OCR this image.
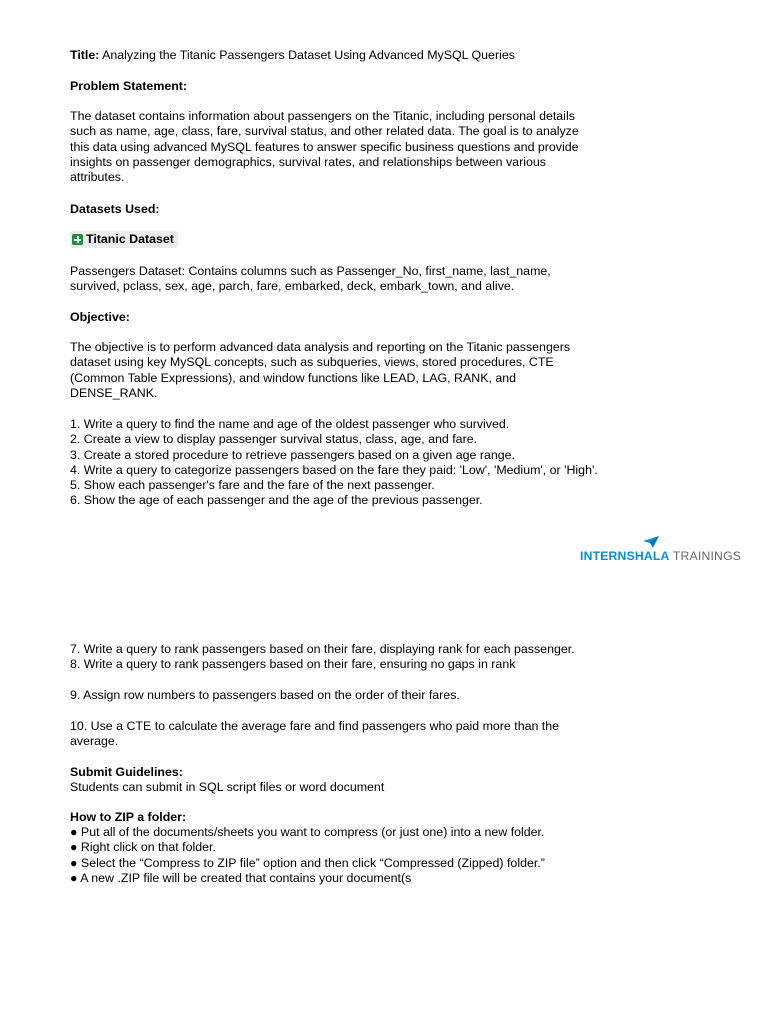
Title: Analyzing the Titanic Passengers Dataset Using Advanced MySQL Queries

Problem Statement:

The dataset contains information about passengers on the Titanic, including personal details such as name, age, class, fare, survival status, and other related data. The goal is to analyze this data using advanced MySQL features to answer specific business questions and provide insights on passenger demographics, survival rates, and relationships between various attributes.

Datasets Used:

Titanic Dataset

Passengers Dataset: Contains columns such as Passenger_No, first_name, last_name, survived, pclass, sex, age, parch, fare, embarked, deck, embark_town, and alive.

Objective:

The objective is to perform advanced data analysis and reporting on the Titanic passengers dataset using key MySQL concepts, such as subqueries, views, stored procedures, CTE (Common Table Expressions), and window functions like LEAD, LAG, RANK, and DENSE_RANK.

1. Write a query to find the name and age of the oldest passenger who survived.
2. Create a view to display passenger survival status, class, age, and fare.
3. Create a stored procedure to retrieve passengers based on a given age range.
4. Write a query to categorize passengers based on the fare they paid: 'Low', 'Medium', or 'High'.
5. Show each passenger's fare and the fare of the next passenger.
6. Show the age of each passenger and the age of the previous passenger.
INTERNSHALA TRAININGS
7. Write a query to rank passengers based on their fare, displaying rank for each passenger.
8. Write a query to rank passengers based on their fare, ensuring no gaps in rank

9. Assign row numbers to passengers based on the order of their fares.

10. Use a CTE to calculate the average fare and find passengers who paid more than the average.

Submit Guidelines:

Students can submit in SQL script files or word document

How to ZIP a folder:

● Put all of the documents/sheets you want to compress (or just one) into a new folder.
● Right click on that folder.
● Select the “Compress to ZIP file” option and then click “Compressed (Zipped) folder.”
● A new .ZIP file will be created that contains your document(s
